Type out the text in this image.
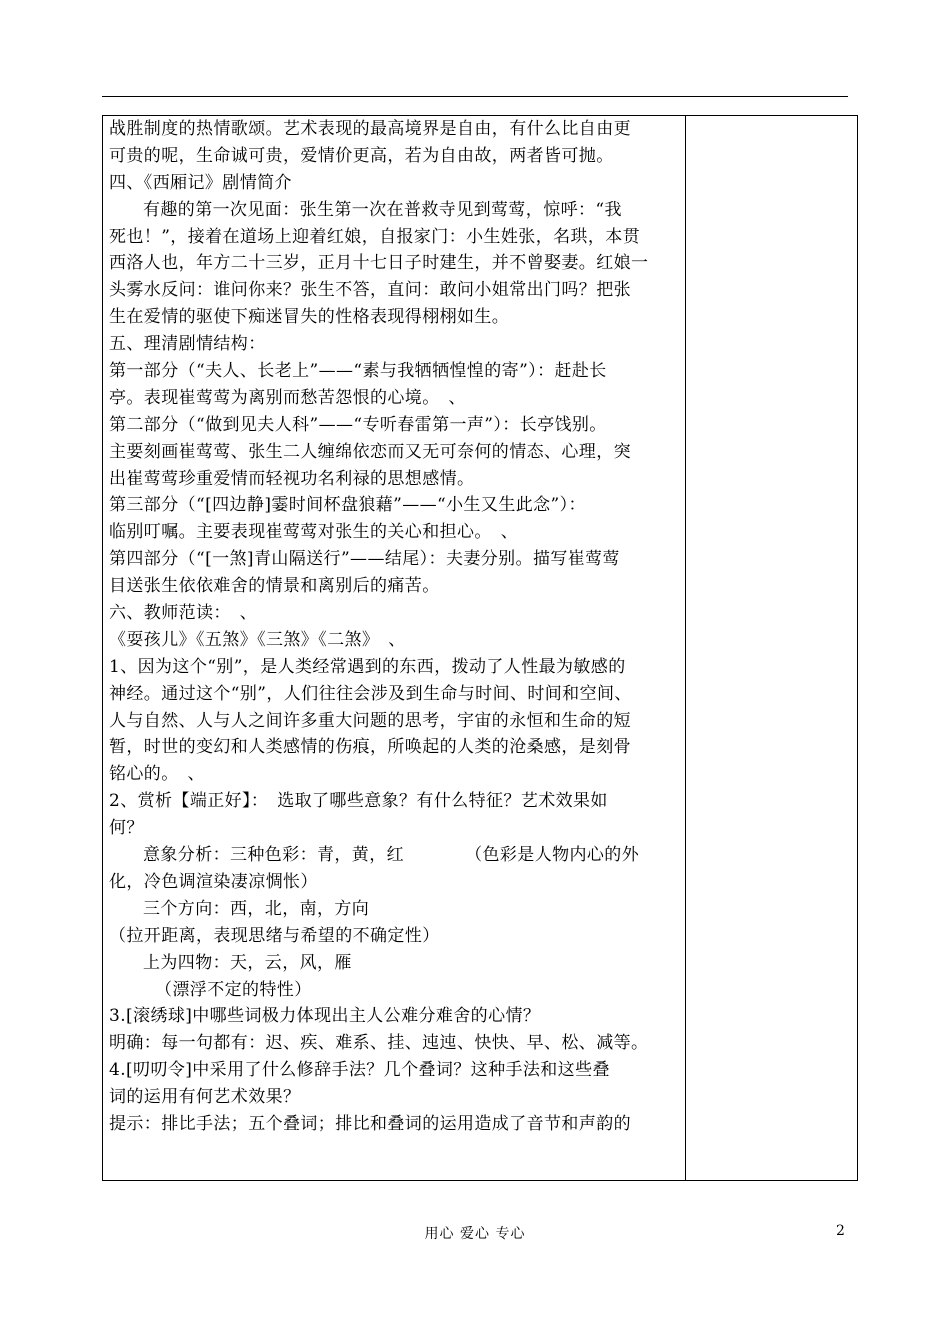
战胜制度的热情歌颂。艺术表现的最高境界是自由，有什么比自由更
可贵的呢，生命诚可贵，爱情价更高，若为自由故，两者皆可抛。
四、《西厢记》剧情简介
有趣的第一次见面：张生第一次在普救寺见到莺莺，惊呼：“我
死也！”，接着在道场上迎着红娘，自报家门：小生姓张，名珙，本贯
西洛人也，年方二十三岁，正月十七日子时建生，并不曾娶妻。红娘一
头雾水反问：谁问你来？张生不答，直问：敢问小姐常出门吗？把张
生在爱情的驱使下痴迷冒失的性格表现得栩栩如生。
五、理清剧情结构：
第一部分（“夫人、长老上”——“素与我牺牺惶惶的寄”）：赶赴长
亭。表现崔莺莺为离别而愁苦怨恨的心境。　、
第二部分（“做到见夫人科”——“专听春雷第一声”）：长亭饯别。
主要刻画崔莺莺、张生二人缠绵依恋而又无可奈何的情态、心理，突
出崔莺莺珍重爱情而轻视功名利禄的思想感情。
第三部分（“[四边静]霎时间杯盘狼藉”——“小生又生此念”）：
临别叮嘱。主要表现崔莺莺对张生的关心和担心。　、
第四部分（“[一煞]青山隔送行”——结尾）：夫妻分别。描写崔莺莺
目送张生依依难舍的情景和离别后的痛苦。
六、教师范读：　、
《耍孩儿》《五煞》《三煞》《二煞》　、
1、因为这个“别”，是人类经常遇到的东西，拨动了人性最为敏感的
神经。通过这个“别”，人们往往会涉及到生命与时间、时间和空间、
人与自然、人与人之间许多重大问题的思考，宇宙的永恒和生命的短
暂，时世的变幻和人类感情的伤痕，所唤起的人类的沧桑感，是刻骨
铭心的。　、
2、赏析【端正好】：　选取了哪些意象？有什么特征？艺术效果如
何？
意象分析：三种色彩：青，黄，红　　　　（色彩是人物内心的外
化，冷色调渲染凄凉惆怅）
三个方向：西，北，南，方向
（拉开距离，表现思绪与希望的不确定性）
上为四物：天，云，风，雁
（漂浮不定的特性）
3.[滚绣球]中哪些词极力体现出主人公难分难舍的心情？
明确：每一句都有：迟、疾、难系、挂、迍迍、快快、早、松、减等。
4.[叨叨令]中采用了什么修辞手法？几个叠词？这种手法和这些叠
词的运用有何艺术效果？
提示：排比手法；五个叠词；排比和叠词的运用造成了音节和声韵的
用心 爱心 专心	2
